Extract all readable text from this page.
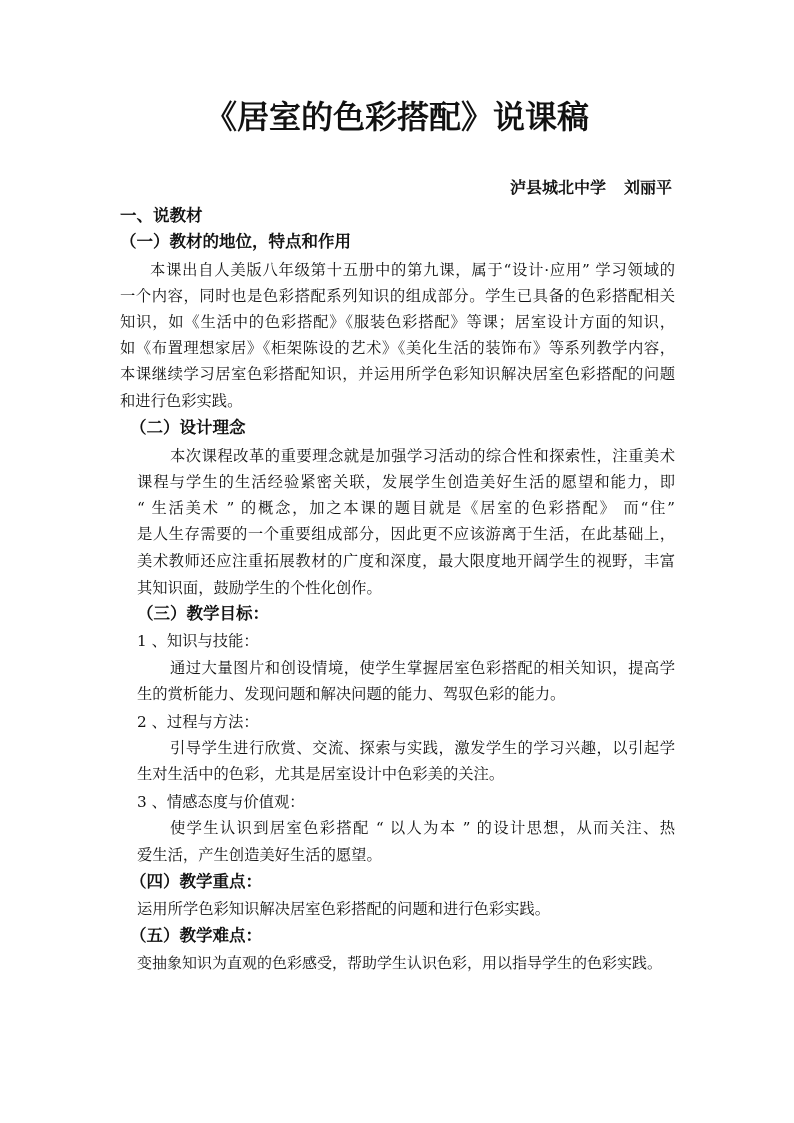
《居室的色彩搭配》说课稿
泸县城北中学 刘丽平
一、说教材
（一）教材的地位，特点和作用
本课出自人美版八年级第十五册中的第九课，属于“设计·应用” 学习领域的
一个内容，同时也是色彩搭配系列知识的组成部分。学生已具备的色彩搭配相关
知识，如《生活中的色彩搭配》《服装色彩搭配》等课；居室设计方面的知识，
如《布置理想家居》《柜架陈设的艺术》《美化生活的装饰布》等系列教学内容，
本课继续学习居室色彩搭配知识，并运用所学色彩知识解决居室色彩搭配的问题
和进行色彩实践。
（二）设计理念
本次课程改革的重要理念就是加强学习活动的综合性和探索性，注重美术
课程与学生的生活经验紧密关联，发展学生创造美好生活的愿望和能力，即
“ 生活美术 ” 的概念，加之本课的题目就是《居室的色彩搭配》 而“住”
是人生存需要的一个重要组成部分，因此更不应该游离于生活，在此基础上，
美术教师还应注重拓展教材的广度和深度，最大限度地开阔学生的视野，丰富
其知识面，鼓励学生的个性化创作。
（三）教学目标：
1 、知识与技能：
通过大量图片和创设情境，使学生掌握居室色彩搭配的相关知识，提高学
生的赏析能力、发现问题和解决问题的能力、驾驭色彩的能力。
2 、过程与方法：
引导学生进行欣赏、交流、探索与实践，激发学生的学习兴趣，以引起学
生对生活中的色彩，尤其是居室设计中色彩美的关注。
3 、情感态度与价值观：
使学生认识到居室色彩搭配 “ 以人为本 ” 的设计思想，从而关注、热
爱生活，产生创造美好生活的愿望。
（四）教学重点：
运用所学色彩知识解决居室色彩搭配的问题和进行色彩实践。
（五）教学难点：
变抽象知识为直观的色彩感受，帮助学生认识色彩，用以指导学生的色彩实践。
